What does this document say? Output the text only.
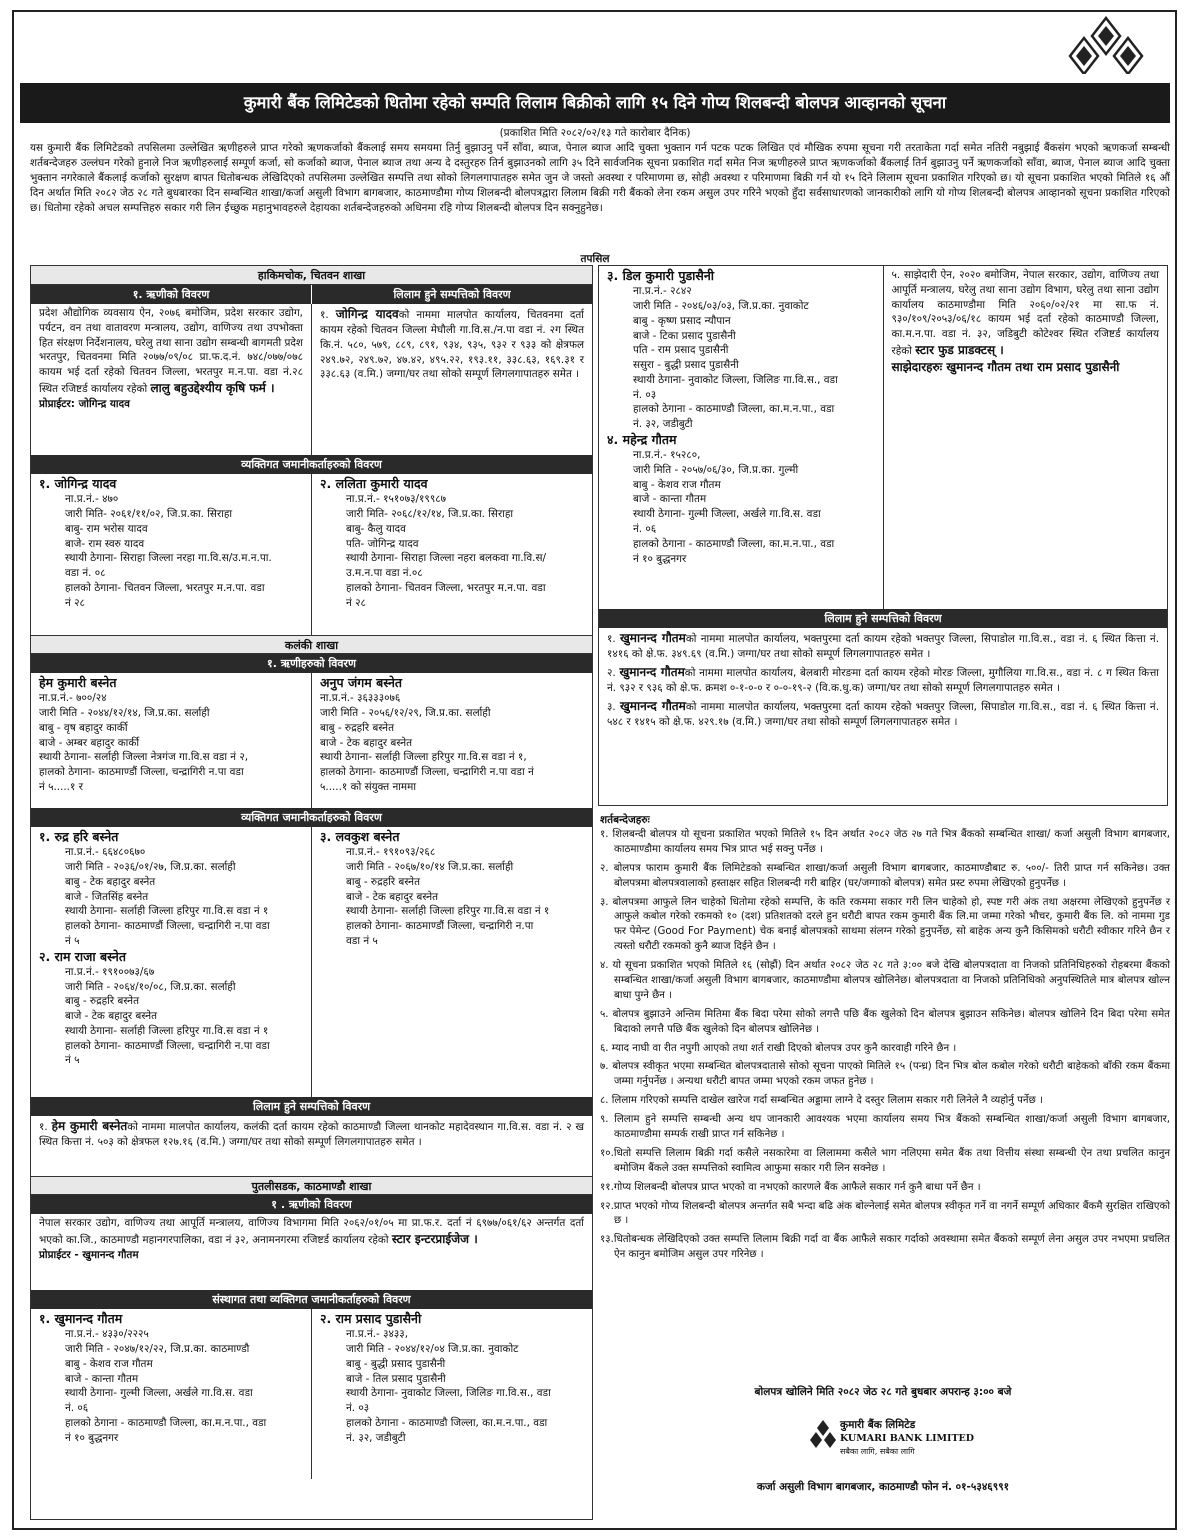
कुमारी बैंक लिमिटेडको धितोमा रहेको सम्पति लिलाम बिक्रीको लागि १५ दिने गोप्य शिलबन्दी बोलपत्र आव्हानको सूचना
(प्रकाशित मिति २०८२/०२/१३ गते कारोबार दैनिक)
यस कुमारी बैंक लिमिटेडको तपसिलमा उल्लेखित ऋणीहरुले प्राप्त गरेको ऋणकर्जाको बैंकलाई समय समयमा तिर्नु बुझाउनु पर्ने साँवा, ब्याज, पेनाल ब्याज आदि चुक्ता भुक्तान गर्न पटक पटक लिखित एवं मौखिक रुपमा सूचना गरी तरताकेता गर्दा समेत नतिरी नबुझाई बैंकसंग भएको ऋणकर्जा सम्बन्धी शर्तबन्देजहरु उल्लंघन गरेको हुनाले निज ऋणीहरुलाई सम्पूर्ण कर्जा, सो कर्जाको ब्याज, पेनाल ब्याज तथा अन्य दे दस्तुरहरु तिर्न बुझाउनको लागि ३५ दिने सार्वजनिक सूचना प्रकाशित गर्दा समेत निज ऋणीहरुले प्राप्त ऋणकर्जाको बैंकलाई तिर्न बुझाउनु पर्ने ऋणकर्जाको साँवा, ब्याज, पेनाल ब्याज आदि चुक्ता भुक्तान नगरेकाले बैंकलाई कर्जाको सुरक्षण बापत धितोबन्धक लेखिदिएको तपसिलमा उल्लेखित सम्पत्ति तथा सोको लिगलगापातहरु समेत जुन जे जस्तो अवस्था र परिमाणमा छ, सोही अवस्था र परिमाणमा बिक्री गर्न यो १५ दिने लिलाम सूचना प्रकाशित गरिएको छ। यो सूचना प्रकाशित भएको मितिले १६ औं दिन अर्थात मिति २०८२ जेठ २८ गते बुधबारका दिन सम्बन्धित शाखा/कर्जा असुली विभाग बागबजार, काठमाण्डौमा गोप्य शिलबन्दी बोलपत्रद्वारा लिलाम बिक्री गरी बैंकको लेना रकम असुल उपर गरिने भएको हुँदा सर्वसाधारणको जानकारीको लागि यो गोप्य शिलबन्दी बोलपत्र आव्हानको सूचना प्रकाशित गरिएको छ। धितोमा रहेको अचल सम्पत्तिहरु सकार गरी लिन ईच्छुक महानुभावहरुले देहायका शर्तबन्देजहरुको अधिनमा रहि गोप्य शिलबन्दी बोलपत्र दिन सक्नुहुनेछ।
तपसिल
हाकिमचोक, चितवन शाखा
१. ऋणीको विवरण	लिलाम हुने सम्पत्तिको विवरण
प्रदेश औद्योगिक व्यवसाय ऐन, २०७६ बमोजिम, प्रदेश सरकार उद्योग, पर्यटन, वन तथा वातावरण मन्त्रालय, उद्योग, वाणिज्य तथा उपभोक्ता हित संरक्षण निर्देशनालय, घरेलु तथा साना उद्योग सम्बन्धी बागमती प्रदेश भरतपुर, चितवनमा मिति २०७७/०९/०८ प्रा.फ.द.नं. ७४८/०७७/०७८ कायम भई दर्ता रहेको चितवन जिल्ला, भरतपुर म.न.पा. वडा नं.२८ स्थित रजिष्टर्ड कार्यालय रहेको लालु बहुउद्देश्यीय कृषि फर्म ।
प्रोप्राईटर: जोगिन्द्र यादव
१. जोगिन्द्र यादवको नाममा मालपोत कार्यालय, चितवनमा दर्ता कायम रहेको चितवन जिल्ला मेघौली गा.वि.स./न.पा वडा नं. २ग स्थित कि.नं. ५८०, ५७९, ८८९, ८९१, ९३४, ९३५, ९३२ र ९३३ को क्षेत्रफल २४९.७२, २४९.७२, ४७.४२, ४९५.२२, १९३.११, ३३८.६३, १६९.३१ र ३३८.६३ (व.मि.) जग्गा/घर तथा सोको सम्पूर्ण लिगलगापातहरु समेत ।
व्यक्तिगत जमानीकर्ताहरुको विवरण
१. जोगिन्द्र यादव
ना.प्र.नं.- ४७०
जारी मिति- २०६१/११/०२, जि.प्र.का. सिराहा
बाबु- राम भरोस यादव
बाजे- राम स्वरु यादव
स्थायी ठेगाना- सिराहा जिल्ला नरहा गा.वि.स/उ.म.न.पा.
वडा नं. ०८
हालको ठेगाना- चितवन जिल्ला, भरतपुर म.न.पा. वडा
नं २८
२. ललिता कुमारी यादव
ना.प्र.नं.- १५१०७३/१९९८७
जारी मिति- २०६८/१२/१४, जि.प्र.का. सिराहा
बाबु- कैलु यादव
पति- जोगिन्द्र यादव
स्थायी ठेगाना- सिराहा जिल्ला नहरा बलकवा गा.वि.स/
उ.म.न.पा वडा नं.०८
हालको ठेगाना- चितवन जिल्ला, भरतपुर म.न.पा. वडा
नं २८
कलंकी शाखा
१. ऋणीहरुको विवरण
हेम कुमारी बस्नेत
ना.प्र.नं.- ७००/२४
जारी मिति - २०४४/१२/१४, जि.प्र.का. सर्लाही
बाबु - वृष बहादुर कार्की
बाजे - अम्बर बहादुर कार्की
स्थायी ठेगाना- सर्लाही जिल्ला नेत्रगंज गा.वि.स वडा नं २,
हालको ठेगाना- काठमाण्डौं जिल्ला, चन्द्रागिरी न.पा वडा
नं ५.....१ र
अनुप जंगम बस्नेत
ना.प्र.नं.- ३६३३३०७६
जारी मिति - २०५६/१२/२९, जि.प्र.का. सर्लाही
बाबु - रुद्रहरि बस्नेत
बाजे - टेक बहादुर बस्नेत
स्थायी ठेगाना- सर्लाही जिल्ला हरिपुर गा.वि.स वडा नं १,
हालको ठेगाना- काठमाण्डौं जिल्ला, चन्द्रागिरी न.पा वडा नं
५.....१ को संयुक्त नाममा
व्यक्तिगत जमानीकर्ताहरुको विवरण
१. रुद्र हरि बस्नेत
ना.प्र.नं.- ६६४८०६७०
जारी मिति - २०३६/०१/२७, जि.प्र.का. सर्लाही
बाबु - टेक बहादुर बस्नेत
बाजे - जितसिंह बस्नेत
स्थायी ठेगाना- सर्लाही जिल्ला हरिपुर गा.वि.स वडा नं १
हालको ठेगाना- काठमाण्डौं जिल्ला, चन्द्रागिरी न.पा वडा
नं ५
२. राम राजा बस्नेत
ना.प्र.नं.- १९१००७३/६७
जारी मिति - २०६४/१०/०८, जि.प्र.का. सर्लाही
बाबु - रुद्रहरि बस्नेत
बाजे - टेक बहादुर बस्नेत
स्थायी ठेगाना- सर्लाही जिल्ला हरिपुर गा.वि.स वडा नं १
हालको ठेगाना- काठमाण्डौं जिल्ला, चन्द्रागिरी न.पा वडा
नं ५
३. लवकुश बस्नेत
ना.प्र.नं.- १९१०९३/२६८
जारी मिति - २०६७/१०/१४ जि.प्र.का. सर्लाही
बाबु - रुद्रहरि बस्नेत
बाजे - टेक बहादुर बस्नेत
स्थायी ठेगाना- सर्लाही जिल्ला हरिपुर गा.वि.स वडा नं १
हालको ठेगाना- काठमाण्डौं जिल्ला, चन्द्रागिरी न.पा
वडा नं ५
लिलाम हुने सम्पत्तिको विवरण
१. हेम कुमारी बस्नेतको नाममा मालपोत कार्यालय, कलंकी दर्ता कायम रहेको काठमाण्डौ जिल्ला थानकोट महादेवस्थान गा.वि.स. वडा नं. २ ख स्थित कित्ता नं. ५०३ को क्षेत्रफल १२७.१६ (व.मि.) जग्गा/घर तथा सोको सम्पूर्ण लिगलगापातहरु समेत ।
पुतलीसडक, काठमाण्डौ शाखा
१ . ऋणीको विवरण
नेपाल सरकार उद्योग, वाणिज्य तथा आपूर्ति मन्त्रालय, वाणिज्य विभागमा मिति २०६२/०१/०५ मा प्रा.फ.र. दर्ता नं ६९७७/०६१/६२ अन्तर्गत दर्ता भएको का.जि., काठमाण्डौ महानगरपालिका, वडा नं ३२, अनामनगरमा रजिष्टर्ड कार्यालय रहेको स्टार इन्टरप्राईजेज ।
प्रोप्राईटर - खुमानन्द गौतम
संस्थागत तथा व्यक्तिगत जमानीकर्ताहरुको विवरण
१. खुमानन्द गौतम
ना.प्र.नं.- ४३३०/२२२५
जारी मिति - २०४७/१२/२२, जि.प्र.का. काठमाण्डौ
बाबु - केशव राज गौतम
बाजे - कान्ता गौतम
स्थायी ठेगाना- गुल्मी जिल्ला, अर्खले गा.वि.स. वडा
नं. ०६
हालको ठेगाना - काठमाण्डौ जिल्ला, का.म.न.पा., वडा
नं १० बुद्धनगर
२. राम प्रसाद पुडासैनी
ना.प्र.नं.- ३४३३,
जारी मिति - २०४४/१२/०४ जि.प्र.का. नुवाकोट
बाबु - बुद्धी प्रसाद पुडासैनी
बाजे - तिल प्रसाद पुडासैनी
स्थायी ठेगाना- नुवाकोट जिल्ला, जिलिङ गा.वि.स., वडा
नं. ०३
हालको ठेगाना - काठमाण्डौ जिल्ला, का.म.न.पा., वडा
नं. ३२, जडीबुटी
३. डिल कुमारी पुडासैनी
ना.प्र.नं.- २८४२
जारी मिति - २०४६/०३/०३, जि.प्र.का. नुवाकोट
बाबु - कृष्ण प्रसाद न्यौपान
बाजे - टिका प्रसाद पुडासैनी
पति - राम प्रसाद पुडासैनी
ससुरा - बुद्धी प्रसाद पुडासैनी
स्थायी ठेगाना- नुवाकोट जिल्ला, जिलिङ गा.वि.स., वडा
नं. ०३
हालको ठेगाना - काठमाण्डौ जिल्ला, का.म.न.पा., वडा
नं. ३२, जडीबुटी
४. महेन्द्र गौतम
ना.प्र.नं.- १५२८०,
जारी मिति - २०५७/०६/३०, जि.प्र.का. गुल्मी
बाबु - केशव राज गौतम
बाजे - कान्ता गौतम
स्थायी ठेगाना- गुल्मी जिल्ला, अर्खले गा.वि.स. वडा
नं. ०६
हालको ठेगाना - काठमाण्डौ जिल्ला, का.म.न.पा., वडा
नं १० बुद्धनगर
५. साझेदारी ऐन, २०२० बमोजिम, नेपाल सरकार, उद्योग, वाणिज्य तथा आपूर्ति मन्त्रालय, घरेलु तथा साना उद्योग विभाग, घरेलु तथा साना उद्योग कार्यालय काठमाण्डौमा मिति २०६०/०२/२१ मा सा.फ नं. ९३०/१०९/२०५३/०६/१८ कायम भई दर्ता रहेको काठमाण्डौ जिल्ला, का.म.न.पा. वडा नं. ३२, जडिबुटी कोटेश्वर स्थित रजिष्टर्ड कार्यालय रहेको स्टार फुड प्राडक्टस् ।
साझेदारहरुः खुमानन्द गौतम तथा राम प्रसाद पुडासैनी
लिलाम हुने सम्पत्तिको विवरण
१. खुमानन्द गौतमको नाममा मालपोत कार्यालय, भक्तपुरमा दर्ता कायम रहेको भक्तपुर जिल्ला, सिपाडोल गा.वि.स., वडा नं. ६ स्थित कित्ता नं. १४१६ को क्षे.फ. ३४९.६९ (व.मि.) जग्गा/घर तथा सोको सम्पूर्ण लिगलगापातहरु समेत ।
२. खुमानन्द गौतमको नाममा मालपोत कार्यालय, बेलबारी मोरङमा दर्ता कायम रहेको मोरङ जिल्ला, मुगौलिया गा.वि.स., वडा नं. ८ ग स्थित कित्ता नं. ९३२ र ९३६ को क्षे.फ. क्रमश ०-१-०-० र ०-०-१९-२ (वि.क.धु.क) जग्गा/घर तथा सोको सम्पूर्ण लिगलगापातहरु समेत ।
३. खुमानन्द गौतमको नाममा मालपोत कार्यालय, भक्तपुरमा दर्ता कायम रहेको भक्तपुर जिल्ला, सिपाडोल गा.वि.स., वडा नं. ६ स्थित कित्ता नं. ५४८ र १४१५ को क्षे.फ. ४२९.१७ (व.मि.) जग्गा/घर तथा सोको सम्पूर्ण लिगलगापातहरु समेत ।
शर्तबन्देजहरुः
१. शिलबन्दी बोलपत्र यो सूचना प्रकाशित भएको मितिले १५ दिन अर्थात २०८२ जेठ २७ गते भित्र बैंकको सम्बन्धित शाखा/ कर्जा असुली विभाग बागबजार, काठमाण्डौमा कार्यालय समय भित्र प्राप्त भई सक्नु पर्नेछ ।
२. बोलपत्र फाराम कुमारी बैंक लिमिटेडको सम्बन्धित शाखा/कर्जा असुली विभाग बागबजार, काठमाण्डौबाट रु. ५००/- तिरी प्राप्त गर्न सकिनेछ। उक्त बोलपत्रमा बोलपत्रवालाको हस्ताक्षर सहित शिलबन्दी गरी बाहिर (घर/जग्गाको बोलपत्र) समेत प्रस्ट रुपमा लेखिएको हुनुपर्नेछ ।
३. बोलपत्रमा आफुले लिन चाहेको धितोमा रहेको सम्पत्ति, के कति रकममा सकार गरी लिन चाहेको हो, स्पष्ट गरी अंक तथा अक्षरमा लेखिएको हुनुपर्नेछ र आफुले कबोल गरेको रकमको १० (दश) प्रतिशतको दरले हुन धरौटी बापत रकम कुमारी बैंक लि.मा जम्मा गरेको भौचर, कुमारी बैंक लि. को नाममा गुड फर पेमेन्ट (Good For Payment) चेक बनाई बोलपत्रको साथमा संलग्न गरेको हुनुपर्नेछ, सो बाहेक अन्य कुनै किसिमको धरौटी स्वीकार गरिने छैन र त्यस्तो धरौटी रकमको कुनै ब्याज दिईने छैन ।
४. यो सूचना प्रकाशित भएको मितिले १६ (सोह्रौं) दिन अर्थात २०८२ जेठ २८ गते ३:०० बजे देखि बोलपत्रदाता वा निजको प्रतिनिधिहरुको रोहबरमा बैंकको सम्बन्धित शाखा/कर्जा असुली विभाग बागबजार, काठमाण्डौमा बोलपत्र खोलिनेछ। बोलपत्रदाता वा निजको प्रतिनिधिको अनुपस्थितिले मात्र बोलपत्र खोल्न बाधा पुग्ने छैन ।
५. बोलपत्र बुझाउने अन्तिम मितिमा बैंक बिदा परेमा सोको लगत्तै पछि बैंक खुलेको दिन बोलपत्र बुझाउन सकिनेछ। बोलपत्र खोलिने दिन बिदा परेमा समेत बिदाको लगत्तै पछि बैंक खुलेको दिन बोलपत्र खोलिनेछ ।
६. म्याद नाघी वा रीत नपुगी आएको तथा शर्त राखी दिएको बोलपत्र उपर कुनै कारवाही गरिने छैन ।
७. बोलपत्र स्वीकृत भएमा सम्बन्धित बोलपत्रदातासे सोको सूचना पाएको मितिले १५ (पन्ध्र) दिन भित्र बोल कबोल गरेको धरौटी बाहेकको बाँकी रकम बैंकमा जम्मा गर्नुपर्नेछ । अन्यथा धरौटी बापत जम्मा भएको रकम जफत हुनेछ ।
८. लिलाम गरिएको सम्पत्ति दाखेल खारेज गर्दा सम्बन्धित अड्डामा लाग्ने दे दस्तुर लिलाम सकार गरी लिनेले नै व्यहोर्नु पर्नेछ ।
९. लिलाम हुने सम्पत्ति सम्बन्धी अन्य थप जानकारी आवश्यक भएमा कार्यालय समय भित्र बैंकको सम्बन्धित शाखा/कर्जा असुली विभाग बागबजार, काठमाण्डौमा सम्पर्क राखी प्राप्त गर्न सकिनेछ ।
१०.धितो सम्पत्ति लिलाम बिक्री गर्दा कसैले नसकारेमा वा लिलाममा कसैले भाग नलिएमा समेत बैंक तथा वित्तीय संस्था सम्बन्धी ऐन तथा प्रचलित कानुन बमोजिम बैंकले उक्त सम्पत्तिको स्वामित्व आफुमा सकार गरी लिन सक्नेछ ।
११.गोप्य शिलबन्दी बोलपत्र प्राप्त भएको वा नभएको कारणले बैंक आफैले सकार गर्न कुनै बाधा पर्ने छैन ।
१२.प्राप्त भएको गोप्य शिलबन्दी बोलपत्र अन्तर्गत सबै भन्दा बढि अंक बोल्नेलाई समेत बोलपत्र स्वीकृत गर्ने वा नगर्ने सम्पूर्ण अधिकार बैंकमै सुरक्षित राखिएको छ ।
१३.धितोबन्धक लेखिदिएको उक्त सम्पत्ति लिलाम बिक्री गर्दा वा बैंक आफैले सकार गर्दाको अवस्थामा समेत बैंकको सम्पूर्ण लेना असुल उपर नभएमा प्रचलित ऐन कानुन बमोजिम असुल उपर गरिनेछ ।
बोलपत्र खोलिने मिति २०८२ जेठ २८ गते बुधबार अपरान्ह ३:०० बजे
कुमारी बैंक लिमिटेड
KUMARI BANK LIMITED
सबैका लागि, सबैका लागि
कर्जा असुली विभाग बागबजार, काठमाण्डौ फोन नं. ०१-५३४६९९१
